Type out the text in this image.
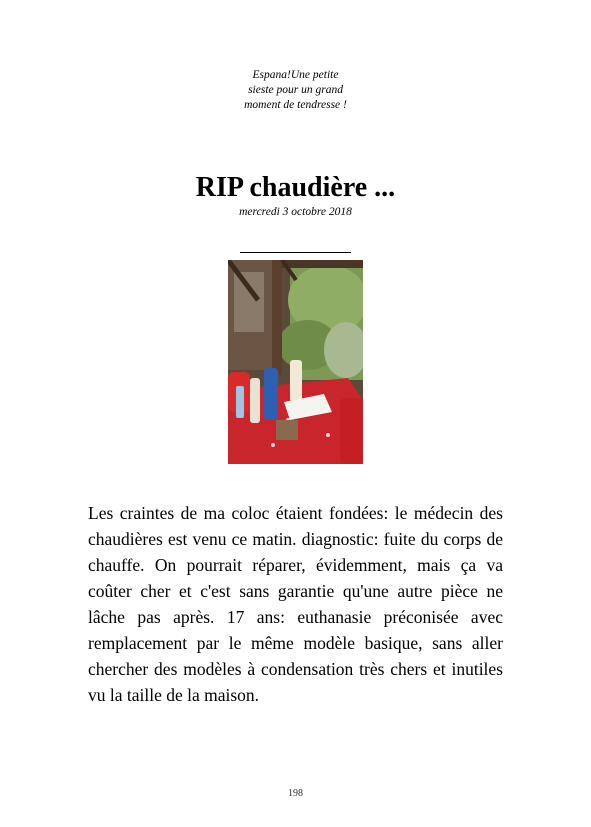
Espana!Une petite
sieste pour un grand
moment de tendresse !
RIP chaudière ...
mercredi 3 octobre 2018
Les craintes de ma coloc étaient fondées: le médecin des chaudières est venu ce matin. diagnostic: fuite du corps de chauffe. On pourrait réparer, évidemment, mais ça va coûter cher et c'est sans garantie qu'une autre pièce ne lâche pas après. 17 ans: euthanasie préconisée avec remplacement par le même modèle basique, sans aller chercher des modèles à condensation très chers et inutiles vu la taille de la maison.
198
